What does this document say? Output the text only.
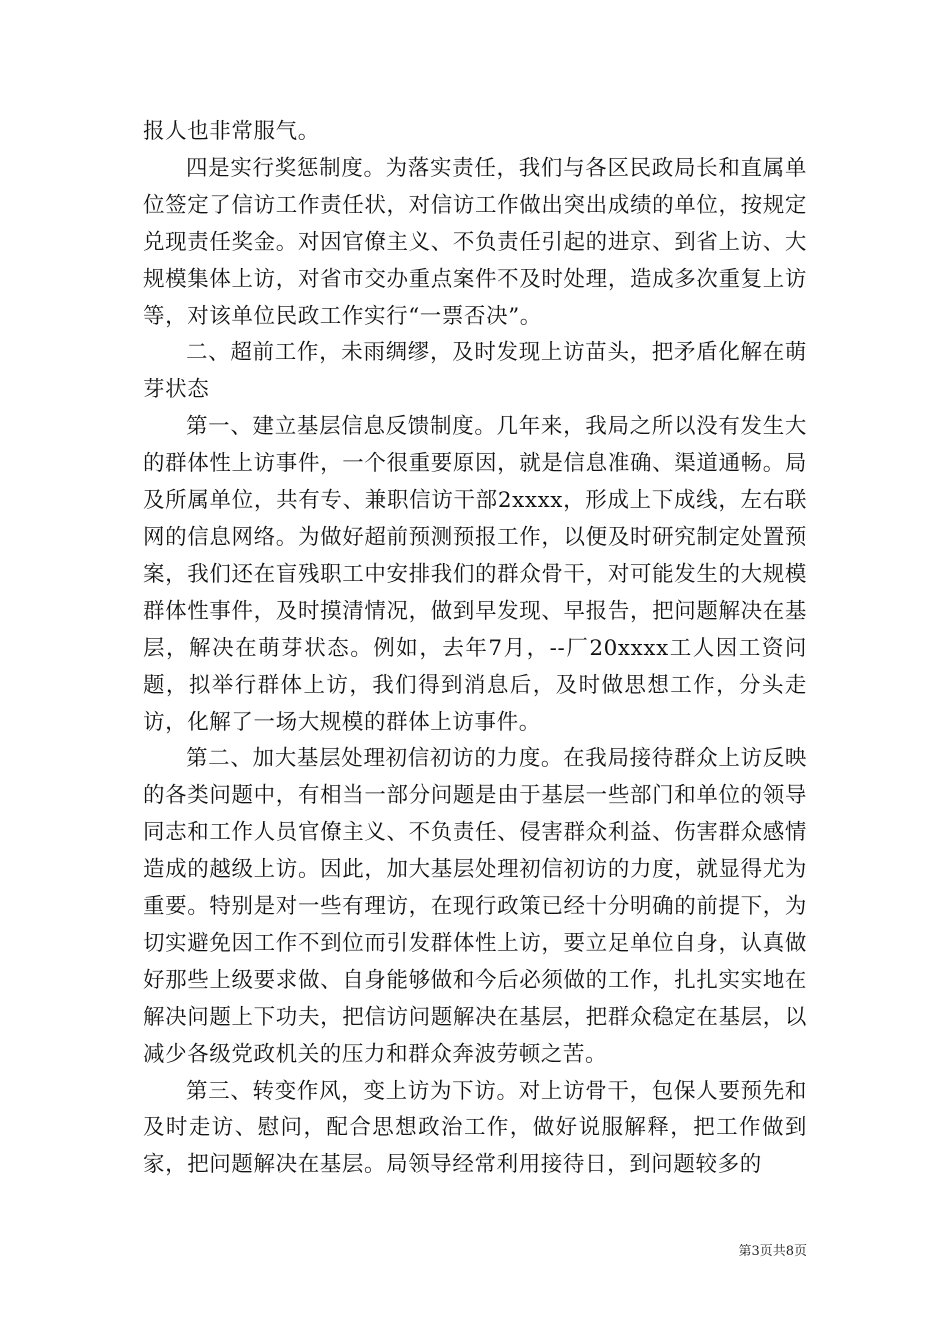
报人也非常服气。

四是实行奖惩制度。为落实责任，我们与各区民政局长和直属单位签定了信访工作责任状，对信访工作做出突出成绩的单位，按规定兑现责任奖金。对因官僚主义、不负责任引起的进京、到省上访、大规模集体上访，对省市交办重点案件不及时处理，造成多次重复上访等，对该单位民政工作实行“一票否决”。

二、超前工作，未雨绸缪，及时发现上访苗头，把矛盾化解在萌芽状态

第一、建立基层信息反馈制度。几年来，我局之所以没有发生大的群体性上访事件，一个很重要原因，就是信息准确、渠道通畅。局及所属单位，共有专、兼职信访干部2xxxx，形成上下成线，左右联网的信息网络。为做好超前预测预报工作，以便及时研究制定处置预案，我们还在盲残职工中安排我们的群众骨干，对可能发生的大规模群体性事件，及时摸清情况，做到早发现、早报告，把问题解决在基层，解决在萌芽状态。例如，去年7月，--厂20xxxx工人因工资问题，拟举行群体上访，我们得到消息后，及时做思想工作，分头走访，化解了一场大规模的群体上访事件。

第二、加大基层处理初信初访的力度。在我局接待群众上访反映的各类问题中，有相当一部分问题是由于基层一些部门和单位的领导同志和工作人员官僚主义、不负责任、侵害群众利益、伤害群众感情造成的越级上访。因此，加大基层处理初信初访的力度，就显得尤为重要。特别是对一些有理访，在现行政策已经十分明确的前提下，为切实避免因工作不到位而引发群体性上访，要立足单位自身，认真做好那些上级要求做、自身能够做和今后必须做的工作，扎扎实实地在解决问题上下功夫，把信访问题解决在基层，把群众稳定在基层，以减少各级党政机关的压力和群众奔波劳顿之苦。

第三、转变作风，变上访为下访。对上访骨干，包保人要预先和及时走访、慰问，配合思想政治工作，做好说服解释，把工作做到家，把问题解决在基层。局领导经常利用接待日，到问题较多的

第3页共8页
